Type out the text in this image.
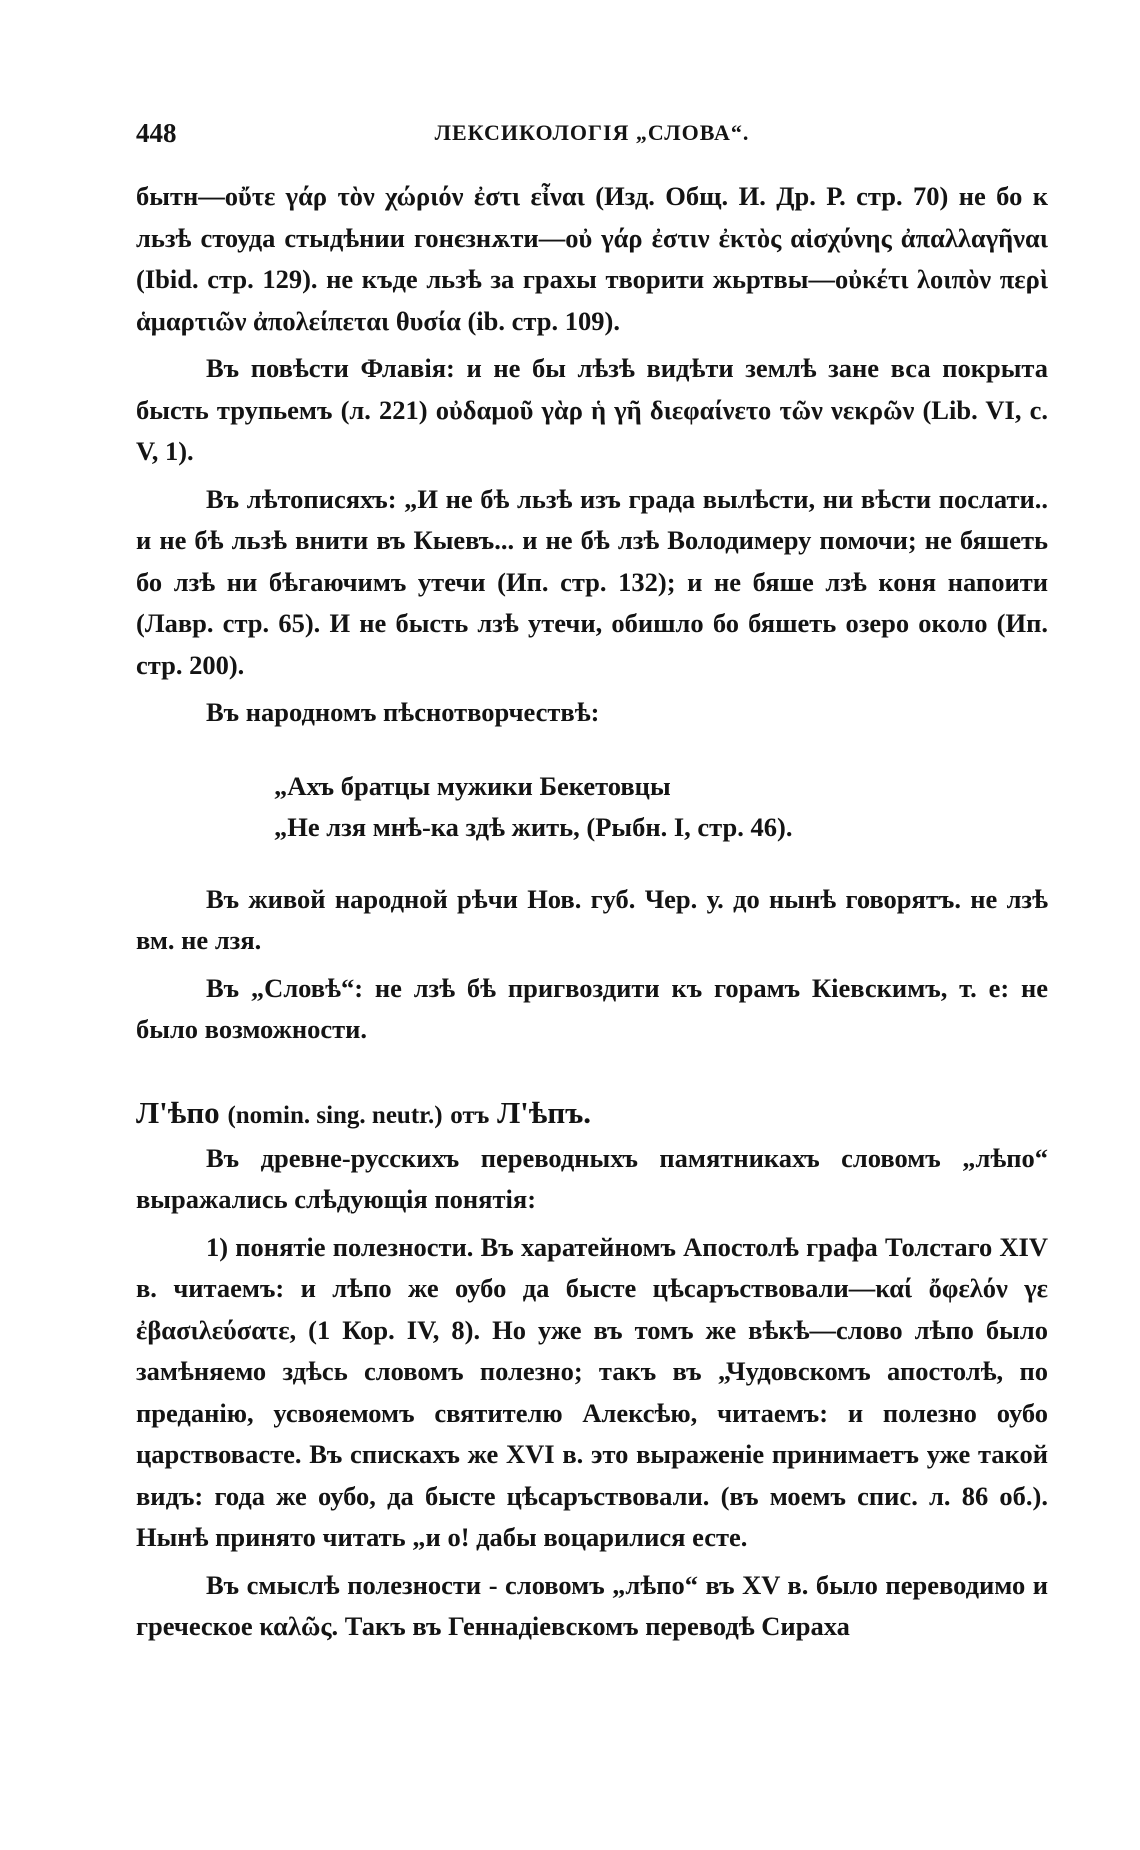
448	ЛЕКСИКОЛОГІЯ „СЛОВА“.

бытн—οὔτε γάρ τὸν χώριόν ἐστι εἶναι (Изд. Общ. И. Др. Р. стр. 70) не бо к льзѣ стоуда стыдѣнии гонєзнѫти—οὐ γάρ ἐστιν ἐκτὸς αἰσχύνης ἀπαλλαγῆναι (Ibid. стр. 129). не къде льзѣ за грахы творити жьртвы—οὐκέτι λοιπὸν περὶ ἁμαρτιῶν ἀπολείπεται θυσία (ib. стр. 109).

Въ повѣсти Флавія: и не бы лѣзѣ видѣти землѣ зане вса покрыта бысть трупьемъ (л. 221) οὐδαμοῦ γὰρ ἡ γῆ διεφαίνετο τῶν νεκρῶν (Lib. VI, c. V, 1).

Въ лѣтописяхъ: „И не бѣ льзѣ изъ града вылѣсти, ни вѣсти послати.. и не бѣ льзѣ внити въ Кыевъ... и не бѣ лзѣ Володимеру помочи; не бяшеть бо лзѣ ни бѣгаючимъ утечи (Ип. стр. 132); и не бяше лзѣ коня напоити (Лавр. стр. 65). И не бысть лзѣ утечи, обишло бо бяшеть озеро около (Ип. стр. 200).

Въ народномъ пѣснотворчествѣ:

„Ахъ братцы мужики Бекетовцы

„Не лзя мнѣ-ка здѣ жить, (Рыбн. I, стр. 46).

Въ живой народной рѣчи Нов. губ. Чер. у. до нынѣ говорятъ. не лзѣ вм. не лзя.

Въ „Словѣ“: не лзѣ бѣ пригвоздити къ горамъ Кіевскимъ, т. е: не было возможности.

Л'ѣпо (nomin. sing. neutr.) отъ Л'ѣпъ.

Въ древне-русскихъ переводныхъ памятникахъ словомъ „лѣпо“ выражались слѣдующія понятія:

1) понятіе полезности. Въ харатейномъ Апостолѣ графа Толстаго XIV в. читаемъ: и лѣпо же оубо да бысте цѣсаръствовали—καί ὄφελόν γε ἐβασιλεύσατε, (1 Кор. IV, 8). Но уже въ томъ же вѣкѣ—слово лѣпо было замѣняемо здѣсь словомъ полезно; такъ въ „Чудовскомъ апостолѣ, по преданію, усвояемомъ святителю Алексѣю, читаемъ: и полезно оубо царствовасте. Въ спискахъ же XVI в. это выраженіе принимаетъ уже такой видъ: года же оубо, да бысте цѣсаръствовали. (въ моемъ спис. л. 86 об.). Нынѣ принято читать „и о! дабы воцарилися есте.

Въ смыслѣ полезности - словомъ „лѣпо“ въ XV в. было переводимо и греческое καλῶς. Такъ въ Геннадіевскомъ переводѣ Сираха
